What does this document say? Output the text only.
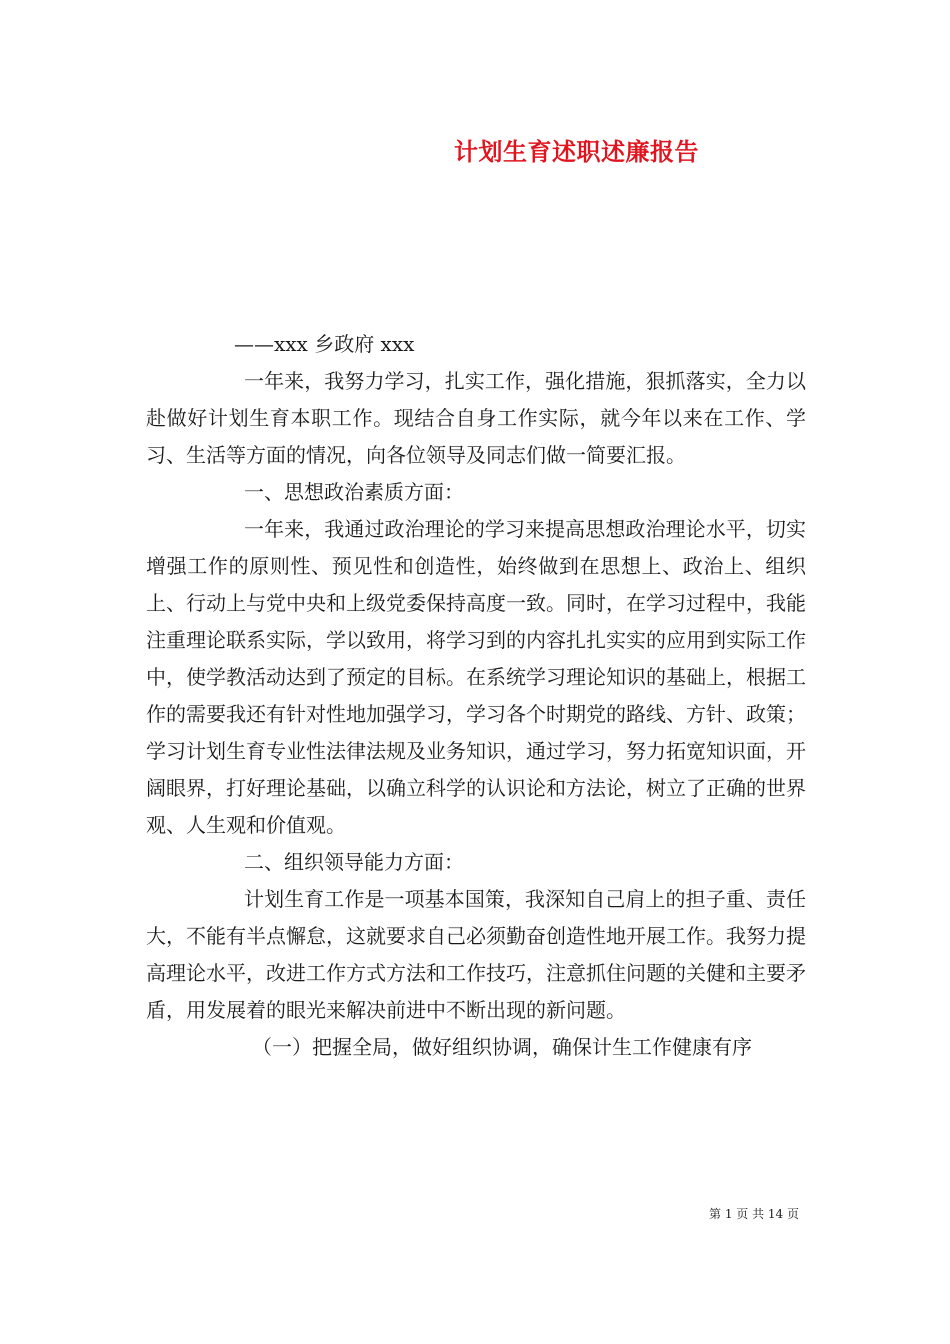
计划生育述职述廉报告

——xxx 乡政府 xxx

一年来，我努力学习，扎实工作，强化措施，狠抓落实，全力以赴做好计划生育本职工作。现结合自身工作实际，就今年以来在工作、学习、生活等方面的情况，向各位领导及同志们做一简要汇报。

一、思想政治素质方面：

一年来，我通过政治理论的学习来提高思想政治理论水平，切实增强工作的原则性、预见性和创造性，始终做到在思想上、政治上、组织上、行动上与党中央和上级党委保持高度一致。同时，在学习过程中，我能注重理论联系实际，学以致用，将学习到的内容扎扎实实的应用到实际工作中，使学教活动达到了预定的目标。在系统学习理论知识的基础上，根据工作的需要我还有针对性地加强学习，学习各个时期党的路线、方针、政策；学习计划生育专业性法律法规及业务知识，通过学习，努力拓宽知识面，开阔眼界，打好理论基础，以确立科学的认识论和方法论，树立了正确的世界观、人生观和价值观。

二、组织领导能力方面：

计划生育工作是一项基本国策，我深知自己肩上的担子重、责任大，不能有半点懈怠，这就要求自己必须勤奋创造性地开展工作。我努力提高理论水平，改进工作方式方法和工作技巧，注意抓住问题的关健和主要矛盾，用发展着的眼光来解决前进中不断出现的新问题。

（一）把握全局，做好组织协调，确保计生工作健康有序

第 1 页 共 14 页
